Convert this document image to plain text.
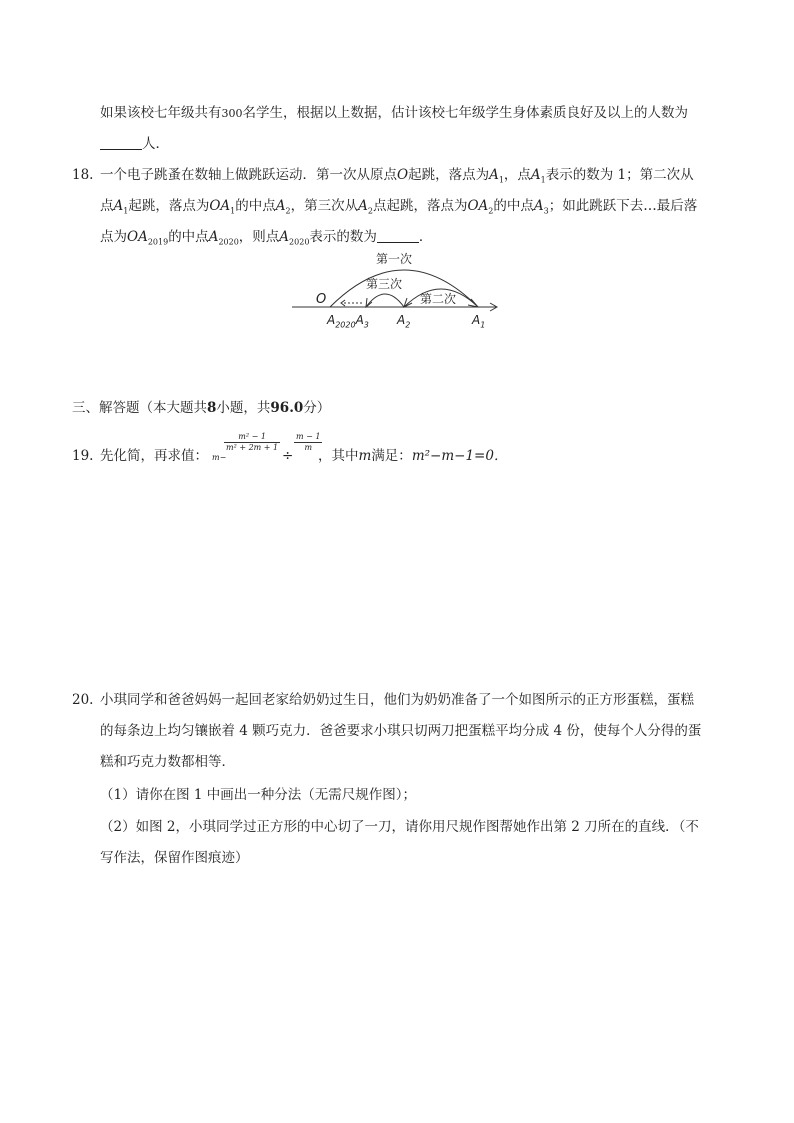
如果该校七年级共有300名学生，根据以上数据，估计该校七年级学生身体素质良好及以上的人数为
人．
18. 一个电子跳蚤在数轴上做跳跃运动．第一次从原点O起跳，落点为$A_1$，点$A_1$表示的数为 1；第二次从
点$A_1$起跳，落点为$OA_1$的中点$A_2$，第三次从$A_2$点起跳，落点为$OA_2$的中点$A_3$；如此跳跃下去…最后落
点为$OA_{2019}$的中点$A_{2020}$，则点$A_{2020}$表示的数为	．
第一次
第三次
第二次
O
$A_{2020}A_3$ $A_2$	$A_1$
三、解答题（本大题共8小题，共96.0分）
19. 先化简，再求值： m−
$\frac{\text{m² − 1}}{\text{m² + 2m + 1}}$
÷
$\frac{m - 1}{m}$
，其中m满足：m²−m−1=0．
20. 小琪同学和爸爸妈妈一起回老家给奶奶过生日，他们为奶奶准备了一个如图所示的正方形蛋糕，蛋糕
的每条边上均匀镶嵌着 4 颗巧克力．爸爸要求小琪只切两刀把蛋糕平均分成 4 份，使每个人分得的蛋
糕和巧克力数都相等．
（1）请你在图 1 中画出一种分法（无需尺规作图）；
（2）如图 2，小琪同学过正方形的中心切了一刀，请你用尺规作图帮她作出第 2 刀所在的直线．（不
写作法，保留作图痕迹）
